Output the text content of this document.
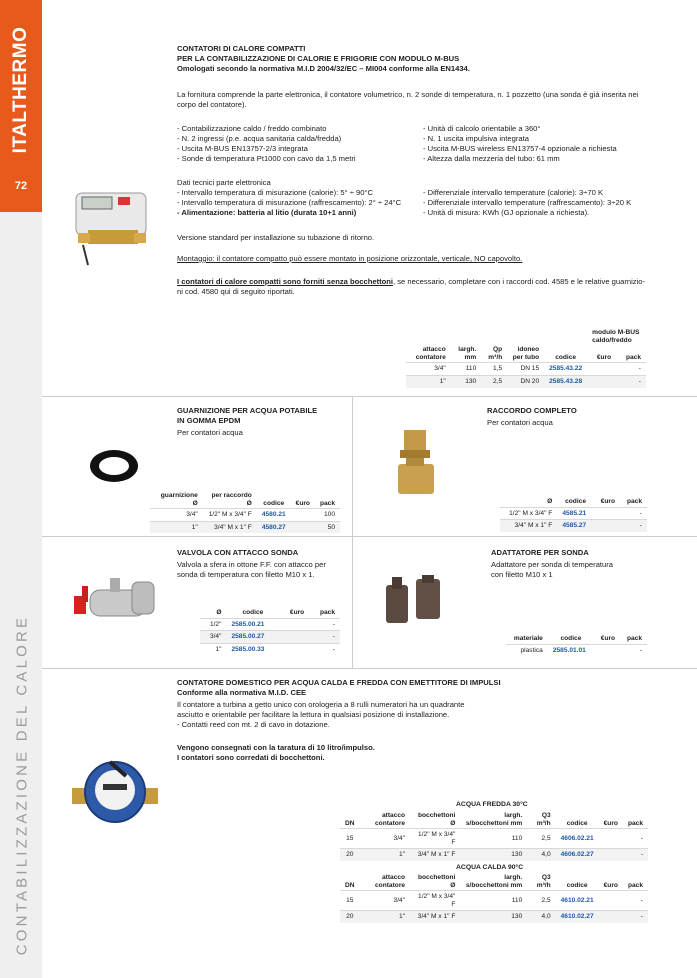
ITALTHERMO
72
CONTABILIZZAZIONE DEL CALORE
CONTATORI DI CALORE COMPATTI
PER LA CONTABILIZZAZIONE DI CALORIE E FRIGORIE CON MODULO M-BUS
Omologati secondo la normativa M.I.D 2004/32/EC – MI004 conforme alla EN1434.
La fornitura comprende la parte elettronica, il contatore volumetrico, n. 2 sonde di temperatura, n. 1 pozzetto (una sonda è già inserita nei
corpo del contatore).
- Contabilizzazione caldo / freddo combinato
- N. 2 ingressi (p.e. acqua sanitaria calda/fredda)
- Uscita M-BUS EN13757-2/3 integrata
- Sonde di temperatura Pt1000 con cavo da 1,5 metri
- Unità di calcolo orientabile a 360°
- N. 1 uscita impulsiva integrata
- Uscita M-BUS wireless EN13757-4 opzionale a richiesta
- Altezza dalla mezzeria del tubo: 61 mm
Dati tecnici parte elettronica
- Intervallo temperatura di misurazione (calorie): 5° ÷ 90°C
- Intervallo temperatura di misurazione (raffrescamento): 2° ÷ 24°C
- Alimentazione: batteria al litio (durata 10+1 anni)
- Differenziale intervallo temperature (calorie): 3÷70 K
- Differenziale intervallo temperature (raffrescamento): 3÷20 K
- Unità di misura: KWh (GJ opzionale a richiesta).
Versione standard per installazione su tubazione di ritorno.
Montaggio: il contatore compatto può essere montato in posizione orizzontale, verticale, NO capovolto.
I contatori di calore compatti sono forniti senza bocchettoni, se necessario, completare con i raccordi cod. 4585 e le relative guarnizio-
ni cod. 4580 qui di seguito riportati.
					modulo M-BUS caldo/freddo	
attacco contatore	largh. mm	Qp m³/h	idoneo per tubo	codice	€uro	pack
3/4"	110	1,5	DN 15	2585.43.22		-
1"	130	2,5	DN 20	2585.43.28		-
GUARNIZIONE PER ACQUA POTABILE
IN GOMMA EPDM
Per contatori acqua
guarnizione Ø	per raccordo Ø	codice	€uro	pack
3/4"	1/2" M x 3/4" F	4580.21		100
1"	3/4" M x 1" F	4580.27		50
RACCORDO COMPLETO
Per contatori acqua
Ø	codice	€uro	pack
1/2" M x 3/4" F	4585.21		-
3/4" M x 1" F	4585.27		-
VALVOLA CON ATTACCO SONDA
Valvola a sfera in ottone F.F. con attacco per
sonda di temperatura con filetto M10 x 1.
Ø	codice	€uro	pack
1/2"	2585.00.21		-
3/4"	2585.00.27		-
1"	2585.00.33		-
ADATTATORE PER SONDA
Adattatore per sonda di temperatura
con filetto M10 x 1
materiale	codice	€uro	pack
plastica	2585.01.01		-
CONTATORE DOMESTICO PER ACQUA CALDA E FREDDA CON EMETTITORE DI IMPULSI
Conforme alla normativa M.I.D. CEE
Il contatore a turbina a getto unico con orologeria a 8 rulli numeratori ha un quadrante
asciutto e orientabile per facilitare la lettura in qualsiasi posizione di installazione.
- Contatti reed con mt. 2 di cavo in dotazione.
Vengono consegnati con la taratura di 10 litro/impulso.
I contatori sono corredati di bocchettoni.
ACQUA FREDDA 30°C
DN	attacco contatore	bocchettoni Ø	largh. s/bocchettoni mm	Q3 m³/h	codice	€uro	pack
15	3/4"	1/2" M x 3/4" F	110	2,5	4606.02.21		-
20	1"	3/4" M x 1" F	130	4,0	4606.02.27		-
ACQUA CALDA 90°C
DN	attacco contatore	bocchettoni Ø	largh. s/bocchettoni mm	Q3 m³/h	codice	€uro	pack
15	3/4"	1/2" M x 3/4" F	110	2,5	4610.02.21		-
20	1"	3/4" M x 1" F	130	4,0	4610.02.27		-
